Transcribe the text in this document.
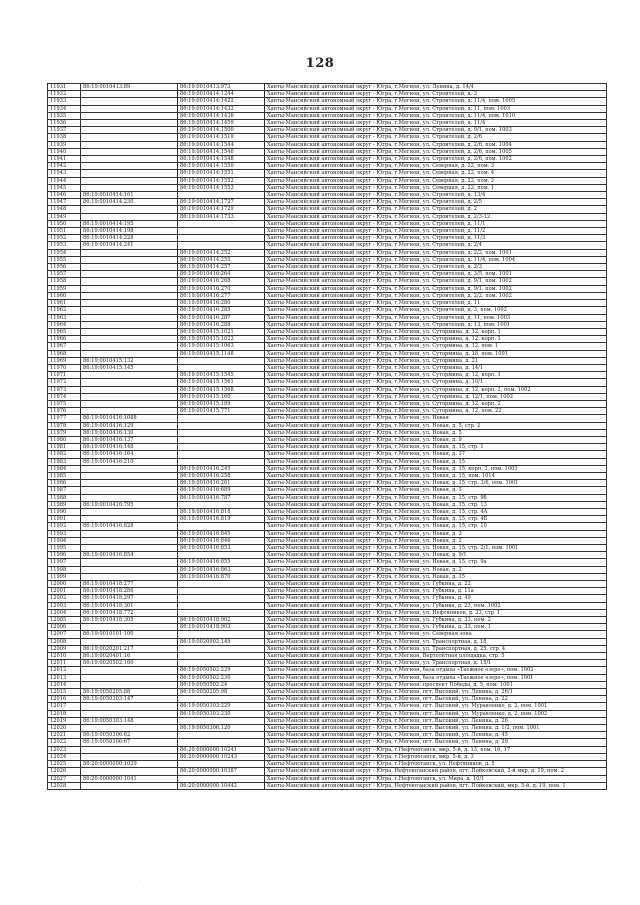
128
11931	86:19:0010413:89	86:19:0010413:973	Ханты-Мансийский автономный округ - Югра, г.Мегион, ул. Ленина, д. 14/4
11932		86:19:0010414:1244	Ханты-Мансийский автономный округ - Югра, г.Мегион, ул. Строителей, д. 3
11933		86:19:0010414:1422	Ханты-Мансийский автономный округ - Югра, г.Мегион, ул. Строителей, д. 11/4, пом. 1005
11934		86:19:0010414:1432	Ханты-Мансийский автономный округ - Югра, г.Мегион, ул. Строителей, д. 11, пом. 1003
11935		86:19:0010414:1436	Ханты-Мансийский автономный округ - Югра, г.Мегион, ул. Строителей, д. 11/4, пом. 1010
11936		86:19:0010414:1459	Ханты-Мансийский автономный округ - Югра, г.Мегион, ул. Строителей, д. 11/4
11937		86:19:0010414:1500	Ханты-Мансийский автономный округ - Югра, г.Мегион, ул. Строителей, д. 9/1, пом. 1003
11938		86:19:0010414:1519	Ханты-Мансийский автономный округ - Югра, г.Мегион, ул. Строителей, д. 2/6
11939		86:19:0010414:1544	Ханты-Мансийский автономный округ - Югра, г.Мегион, ул. Строителей, д. 2/6, пом. 1004
11940		86:19:0010414:1546	Ханты-Мансийский автономный округ - Югра, г.Мегион, ул. Строителей, д. 2/6, пом. 1005
11941		86:19:0010414:1548	Ханты-Мансийский автономный округ - Югра, г.Мегион, ул. Строителей, д. 2/6, пом. 1002
11942		86:19:0010414:1550	Ханты-Мансийский автономный округ - Югра, г.Мегион, ул. Северная, д. 22, пом. 3
11943		86:19:0010414:1551	Ханты-Мансийский автономный округ - Югра, г.Мегион, ул. Северная, д. 22, пом. 4
11944		86:19:0010414:1552	Ханты-Мансийский автономный округ - Югра, г.Мегион, ул. Северная, д. 22, пом. 2
11945		86:19:0010414:1553	Ханты-Мансийский автономный округ - Югра, г.Мегион, ул. Северная, д. 22, пом. 1
11946	86:19:0010414:161		Ханты-Мансийский автономный округ - Югра, г.Мегион, ул. Строителей, д. 13/4
11947	86:19:0010414:230	86:19:0010414:1727	Ханты-Мансийский автономный округ - Югра, г.Мегион, ул. Строителей, д. 2/5
11948		86:19:0010414:1729	Ханты-Мансийский автономный округ - Югра, г.Мегион, ул. Строителей, д. 2
11949		86:19:0010414:1733	Ханты-Мансийский автономный округ - Югра, г.Мегион, ул. Строителей, д. 2/3-12
11950	86:19:0010414:195		Ханты-Мансийский автономный округ - Югра, г.Мегион, ул. Строителей, д. 11/1
11951	86:19:0010414:198		Ханты-Мансийский автономный округ - Югра, г.Мегион, ул. Строителей, д. 11/2
11952	86:19:0010414:228		Ханты-Мансийский автономный округ - Югра, г.Мегион, ул. Строителей, д. 11/3
11953	86:19:0010414:241		Ханты-Мансийский автономный округ - Югра, г.Мегион, ул. Строителей, д. 2/4
11954		86:19:0010414:252	Ханты-Мансийский автономный округ - Югра, г.Мегион, ул. Строителей, д. 2/2, пом. 1001
11955		86:19:0010414:255	Ханты-Мансийский автономный округ - Югра, г.Мегион, ул. Строителей, д. 11/4, пом. 1004
11956		86:19:0010414:257	Ханты-Мансийский автономный округ - Югра, г.Мегион, ул. Строителей, д. 2/3
11957		86:19:0010416:264	Ханты-Мансийский автономный округ - Югра, г.Мегион, ул. Строителей, д. 3/5, пом. 1001
11958		86:19:0010416:268	Ханты-Мансийский автономный округ - Югра, г.Мегион, ул. Строителей, д. 9/1, пом. 1002
11959		86:19:0010416:270	Ханты-Мансийский автономный округ - Югра, г.Мегион, ул. Строителей, д. 9/1, пом. 1002
11960		86:19:0010416:277	Ханты-Мансийский автономный округ - Югра, г.Мегион, ул. Строителей, д. 2/2, пом. 1002
11961		86:19:0010416:280	Ханты-Мансийский автономный округ - Югра, г.Мегион, ул. Строителей, д. 11
11962		86:19:0010416:285	Ханты-Мансийский автономный округ - Югра, г.Мегион, ул. Строителей, д. 3, пом. 1002
11963		86:19:0010416:287	Ханты-Мансийский автономный округ - Югра, г.Мегион, ул. Строителей, д. 11, пом. 1003
11964		86:19:0010416:288	Ханты-Мансийский автономный округ - Югра, г.Мегион, ул. Строителей, д. 13, пом. 1001
11965		86:19:0010415:1021	Ханты-Мансийский автономный округ - Югра, г.Мегион, ул. Сутормина, д. 12, корп. 1
11966		86:19:0010415:1022	Ханты-Мансийский автономный округ - Югра, г.Мегион, ул. Сутормина, д. 12, корп. 1
11967		86:19:0010415:1063	Ханты-Мансийский автономный округ - Югра, г.Мегион, ул. Сутормина, д. 12, пом. 1
11968		86:19:0010415:1148	Ханты-Мансийский автономный округ - Югра, г.Мегион, ул. Сутормина, д. 18, пом. 1001
11969	86:19:0010415:132		Ханты-Мансийский автономный округ - Югра, г.Мегион, ул. Сутормина, д. 21
11970	86:19:0010415:145		Ханты-Мансийский автономный округ - Югра, г.Мегион, ул. Сутормина, д. 14/1
11971		86:19:0010415:1545	Ханты-Мансийский автономный округ - Югра, г.Мегион, ул. Сутормина, д. 12, корп. 1
11972		86:19:0010415:1561	Ханты-Мансийский автономный округ - Югра, г.Мегион, ул. Сутормина, д. 10/1
11973		86:19:0010415:1568	Ханты-Мансийский автономный округ - Югра, г.Мегион, ул. Сутормина, д. 12, корп. 2, пом. 1002
11974		86:19:0010415:160	Ханты-Мансийский автономный округ - Югра, г.Мегион, ул. Сутормина, д. 12/1, пом. 1002
11975		86:19:0010415:189	Ханты-Мансийский автономный округ - Югра, г.Мегион, ул. Сутормина, д. 12, корп. 2
11976		86:19:0010415:771	Ханты-Мансийский автономный округ - Югра, г.Мегион, ул. Сутормина, д. 12, пом. 22
11977	86:19:0010416:1088		Ханты-Мансийский автономный округ - Югра, г.Мегион, ул. Новая
11978	86:19:0010416:129		Ханты-Мансийский автономный округ - Югра, г.Мегион, ул. Новая, д. 5, стр. 2
11979	86:19:0010416:130		Ханты-Мансийский автономный округ - Югра, г.Мегион, ул. Новая, д. 5
11980	86:19:0010416:137		Ханты-Мансийский автономный округ - Югра, г.Мегион, ул. Новая, д. 9
11981	86:19:0010416:148		Ханты-Мансийский автономный округ - Югра, г.Мегион, ул. Новая, д. 15, стр. 1
11982	86:19:0010416:164		Ханты-Мансийский автономный округ - Югра, г.Мегион, ул. Новая, д. 37
11983	86:19:0010416:210		Ханты-Мансийский автономный округ - Югра, г.Мегион, ул. Новая, д. 15
11984		86:19:0010416:245	Ханты-Мансийский автономный округ - Югра, г.Мегион, ул. Новая, д. 15, корп. 3, пом. 1003
11985		86:19:0010416:258	Ханты-Мансийский автономный округ - Югра, г.Мегион, ул. Новая, д. 15, пом. 1014
11986		86:19:0010416:261	Ханты-Мансийский автономный округ - Югра, г.Мегион, ул. Новая, д. 15, стр. 3/6, пом. 1001
11987		86:19:0010416:689	Ханты-Мансийский автономный округ - Югра, г.Мегион, ул. Новая, д. 3
11988		86:19:0010416:787	Ханты-Мансийский автономный округ - Югра, г.Мегион, ул. Новая, д. 15, стр. 9б
11989	86:19:0010416:795		Ханты-Мансийский автономный округ - Югра, г.Мегион, ул. Новая, д. 15, стр. 13
11990		86:19:0010416:818	Ханты-Мансийский автономный округ - Югра, г.Мегион, ул. Новая, д. 15, стр. 4А
11991		86:19:0010416:819	Ханты-Мансийский автономный округ - Югра, г.Мегион, ул. Новая, д. 15, стр. 4Б
11992	86:19:0010416:828		Ханты-Мансийский автономный округ - Югра, г.Мегион, ул. Новая, д. 15, стр. 10
11993		86:19:0010416:845	Ханты-Мансийский автономный округ - Югра, г.Мегион, ул. Новая, д. 2
11994		86:19:0010416:846	Ханты-Мансийский автономный округ - Югра, г.Мегион, ул. Новая, д. 2
11995		86:19:0010416:853	Ханты-Мансийский автономный округ - Югра, г.Мегион, ул. Новая, д. 15, стр. 2/1, пом. 1001
11996	86:19:0010416:854		Ханты-Мансийский автономный округ - Югра, г.Мегион, ул. Новая, д. 9/1
11997		86:19:0010416:855	Ханты-Мансийский автономный округ - Югра, г.Мегион, ул. Новая, д. 15, стр. 9а
11998		86:19:0010416:863	Ханты-Мансийский автономный округ - Югра, г.Мегион, ул. Новая, д. 2
11999		86:19:0010416:870	Ханты-Мансийский автономный округ - Югра, г.Мегион, ул. Новая, д. 15
12000	86:19:0010418:277		Ханты-Мансийский автономный округ - Югра, г.Мегион, ул. Губкина, д. 22
12001	86:19:0010418:286		Ханты-Мансийский автономный округ - Югра, г.Мегион, ул. Губкина, д. 11а
12002	86:19:0010418:297		Ханты-Мансийский автономный округ - Югра, г.Мегион, ул. Губкина, д. 49
12003	86:19:0010418:301		Ханты-Мансийский автономный округ - Югра, г.Мегион, ул. Губкина, д. 23, пом. 1002
12004	86:19:0010418:772		Ханты-Мансийский автономный округ - Югра, г.Мегион, ул. Нефтяников, д. 23, стр. 1
12005	86:19:0010418:305	86:19:0010418:902	Ханты-Мансийский автономный округ - Югра, г.Мегион, ул. Губкина, д. 33, пом. 2
12006		86:19:0010418:903	Ханты-Мансийский автономный округ - Югра, г.Мегион, ул. Губкина, д. 33, пом. 1
12007	86:19:0010101:100		Ханты-Мансийский автономный округ - Югра, г.Мегион, ул. Северная зона
12008		86:19:0020902:149	Ханты-Мансийский автономный округ - Югра, г.Мегион, ул. Транспортная, д. 18
12009	86:19:0020201:217		Ханты-Мансийский автономный округ - Югра, г.Мегион, ул. Транспортная, д. 25, стр. 4
12010	86:19:0020401:16		Ханты-Мансийский автономный округ - Югра, г.Мегион, Вертолётная площадка, стр. 5
12011	86:19:0020502:160		Ханты-Мансийский автономный округ - Югра, г.Мегион, ул. Транспортная, д. 15/1
12012		86:19:0050502:229	Ханты-Мансийский автономный округ - Югра, г.Мегион, база отдыха «Таежное озеро», пом. 1002
12013		86:19:0050502:230	Ханты-Мансийский автономный округ - Югра, г.Мегион, база отдыха «Таежное озеро», пом. 1001
12014		86:19:0050502:24	Ханты-Мансийский автономный округ - Югра, г.Мегион, проспект Победы, д. 5, пом. 1001
12015	86:19:0050205:88	86:19:0050205:98	Ханты-Мансийский автономный округ - Югра, г.Мегион, пгт. Высокий, ул. Ленина, д. 26/1
12016	86:19:0050303:147		Ханты-Мансийский автономный округ - Югра, г.Мегион, пгт. Высокий, ул. Ленина, д. 22
12017		86:19:0050303:229	Ханты-Мансийский автономный округ - Югра, г.Мегион, пгт. Высокий, ул. Муравленко, д. 2, пом. 1001
12018		86:19:0050303:230	Ханты-Мансийский автономный округ - Югра, г.Мегион, пгт. Высокий, ул. Муравленко, д. 2, пом. 1002
12019	86:19:0050303:148		Ханты-Мансийский автономный округ - Югра, г.Мегион, пгт. Высокий, ул. Ленина, д. 26
12020		86:19:0050306:120	Ханты-Мансийский автономный округ - Югра, г.Мегион, пгт. Высокий, ул. Ленина, д. 1/2, пом. 1001
12021	86:19:0050306:62		Ханты-Мансийский автономный округ - Югра, г.Мегион, пгт. Высокий, ул. Ленина, д. 45
12022	86:19:0050306:67		Ханты-Мансийский автономный округ - Югра, г.Мегион, пгт. Высокий, ул. Ленина, д. 29
12023		86:20:0000000:10241	Ханты-Мансийский автономный округ - Югра, г.Нефтеюганск, мкр. 5-й, д. 13, пом. 16, 17
12024		86:20:0000000:10243	Ханты-Мансийский автономный округ - Югра, г.Нефтеюганск, мкр. 5-й, д. 3
12025	86:20:0000000:1029		Ханты-Мансийский автономный округ - Югра, г.Нефтеюганск, ул. Нефтяников, д. 5
12026		86:20:0000000:10387	Ханты-Мансийский автономный округ - Югра, Нефтеюганский район, пгт. Пойковский, 2-й мкр, д. 19, пом. 2
12027	86:20:0000000:1041		Ханты-Мансийский автономный округ - Югра, г.Нефтеюганск, ул. Мира, д. 10/1
12028		86:20:0000000:10442	Ханты-Мансийский автономный округ - Югра, Нефтеюганский район, пгт. Пойковский, мкр. 5-й, д. 19, пом. 1
· ‧ ˙ · ‧
˙ · · ‧
